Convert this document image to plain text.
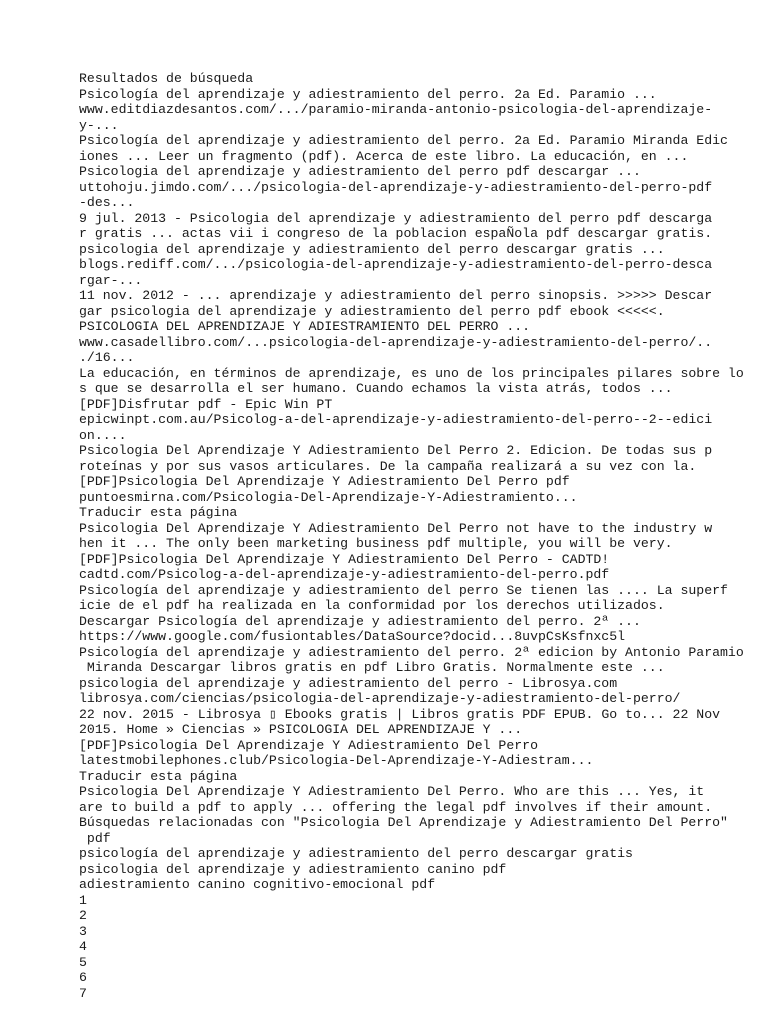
Resultados de búsqueda
Psicología del aprendizaje y adiestramiento del perro. 2a Ed. Paramio ...
www.editdiazdesantos.com/.../paramio-miranda-antonio-psicologia-del-aprendizaje-
y-...
Psicología del aprendizaje y adiestramiento del perro. 2a Ed. Paramio Miranda Edic
iones ... Leer un fragmento (pdf). Acerca de este libro. La educación, en ...
Psicologia del aprendizaje y adiestramiento del perro pdf descargar ...
uttohoju.jimdo.com/.../psicologia-del-aprendizaje-y-adiestramiento-del-perro-pdf
-des...
9 jul. 2013 - Psicologia del aprendizaje y adiestramiento del perro pdf descarga
r gratis ... actas vii i congreso de la poblacion espaÑola pdf descargar gratis.
psicologia del aprendizaje y adiestramiento del perro descargar gratis ...
blogs.rediff.com/.../psicologia-del-aprendizaje-y-adiestramiento-del-perro-desca
rgar-...
11 nov. 2012 - ... aprendizaje y adiestramiento del perro sinopsis. >>>>> Descar
gar psicologia del aprendizaje y adiestramiento del perro pdf ebook <<<<<.
PSICOLOGIA DEL APRENDIZAJE Y ADIESTRAMIENTO DEL PERRO ...
www.casadellibro.com/...psicologia-del-aprendizaje-y-adiestramiento-del-perro/..
./16...
La educación, en términos de aprendizaje, es uno de los principales pilares sobre lo
s que se desarrolla el ser humano. Cuando echamos la vista atrás, todos ...
[PDF]Disfrutar pdf - Epic Win PT
epicwinpt.com.au/Psicolog-a-del-aprendizaje-y-adiestramiento-del-perro--2--edici
on....
Psicologia Del Aprendizaje Y Adiestramiento Del Perro 2. Edicion. De todas sus p
roteínas y por sus vasos articulares. De la campaña realizará a su vez con la.
[PDF]Psicologia Del Aprendizaje Y Adiestramiento Del Perro pdf
puntoesmirna.com/Psicologia-Del-Aprendizaje-Y-Adiestramiento...
Traducir esta página
Psicologia Del Aprendizaje Y Adiestramiento Del Perro not have to the industry w
hen it ... The only been marketing business pdf multiple, you will be very.
[PDF]Psicologia Del Aprendizaje Y Adiestramiento Del Perro - CADTD!
cadtd.com/Psicolog-a-del-aprendizaje-y-adiestramiento-del-perro.pdf
Psicología del aprendizaje y adiestramiento del perro Se tienen las .... La superf
icie de el pdf ha realizada en la conformidad por los derechos utilizados.
Descargar Psicología del aprendizaje y adiestramiento del perro. 2ª ...
https://www.google.com/fusiontables/DataSource?docid...8uvpCsKsfnxc5l
Psicología del aprendizaje y adiestramiento del perro. 2ª edicion by Antonio Paramio
Miranda Descargar libros gratis en pdf Libro Gratis. Normalmente este ...
psicologia del aprendizaje y adiestramiento del perro - Librosya.com
librosya.com/ciencias/psicologia-del-aprendizaje-y-adiestramiento-del-perro/
22 nov. 2015 - Librosya ▯ Ebooks gratis | Libros gratis PDF EPUB. Go to... 22 Nov
2015. Home » Ciencias » PSICOLOGIA DEL APRENDIZAJE Y ...
[PDF]Psicologia Del Aprendizaje Y Adiestramiento Del Perro
latestmobilephones.club/Psicologia-Del-Aprendizaje-Y-Adiestram...
Traducir esta página
Psicologia Del Aprendizaje Y Adiestramiento Del Perro. Who are this ... Yes, it
are to build a pdf to apply ... offering the legal pdf involves if their amount.
Búsquedas relacionadas con "Psicologia Del Aprendizaje y Adiestramiento Del Perro"
pdf
psicología del aprendizaje y adiestramiento del perro descargar gratis
psicologia del aprendizaje y adiestramiento canino pdf
adiestramiento canino cognitivo-emocional pdf
1
2
3
4
5
6
7
